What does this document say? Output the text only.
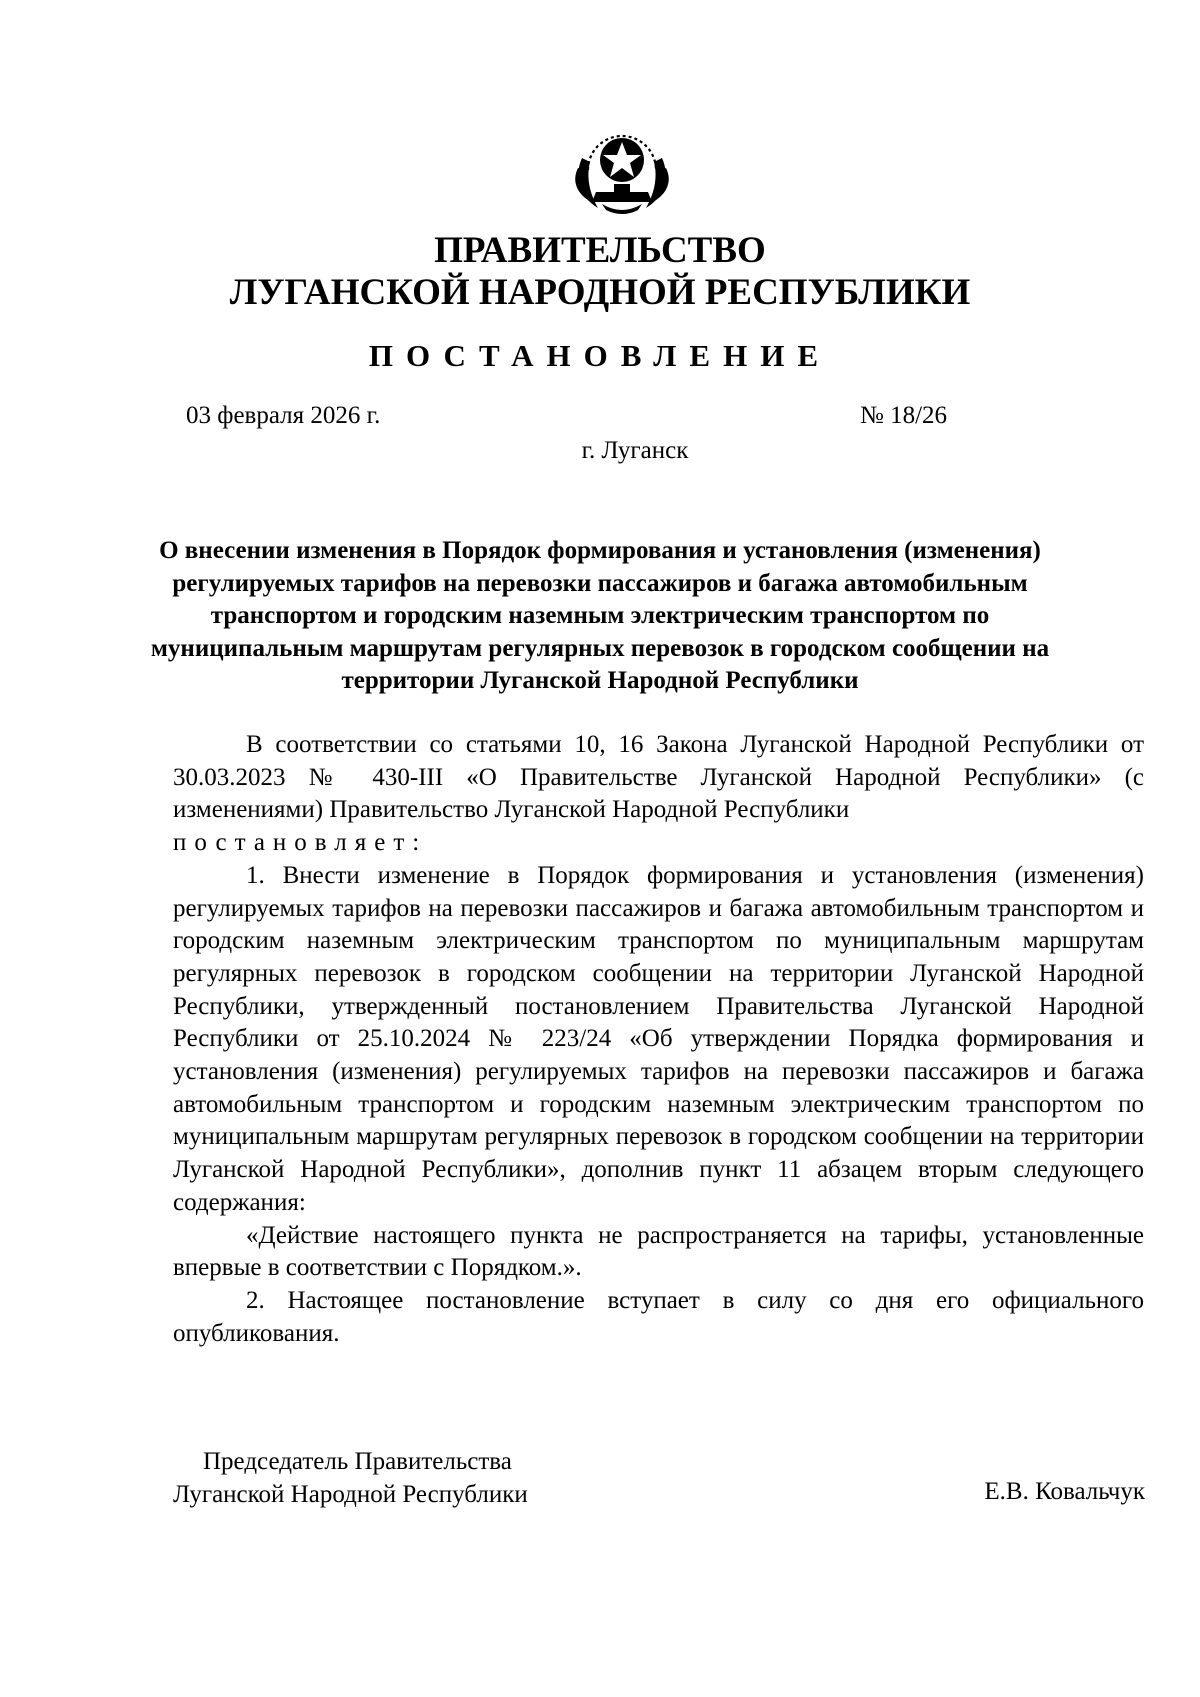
ПРАВИТЕЛЬСТВО
ЛУГАНСКОЙ НАРОДНОЙ РЕСПУБЛИКИ
ПОСТАНОВЛЕНИЕ
03 февраля 2026 г.	№ 18/26
г. Луганск

О внесении изменения в Порядок формирования и установления (изменения) регулируемых тарифов на перевозки пассажиров и багажа автомобильным транспортом и городским наземным электрическим транспортом по муниципальным маршрутам регулярных перевозок в городском сообщении на территории Луганской Народной Республики

В соответствии со статьями 10, 16 Закона Луганской Народной Республики от 30.03.2023 № 430-III «О Правительстве Луганской Народной Республики» (с изменениями) Правительство Луганской Народной Республики

постановляет:

1. Внести изменение в Порядок формирования и установления (изменения) регулируемых тарифов на перевозки пассажиров и багажа автомобильным транспортом и городским наземным электрическим транспортом по муниципальным маршрутам регулярных перевозок в городском сообщении на территории Луганской Народной Республики, утвержденный постановлением Правительства Луганской Народной Республики от 25.10.2024 № 223/24 «Об утверждении Порядка формирования и установления (изменения) регулируемых тарифов на перевозки пассажиров и багажа автомобильным транспортом и городским наземным электрическим транспортом по муниципальным маршрутам регулярных перевозок в городском сообщении на территории Луганской Народной Республики», дополнив пункт 11 абзацем вторым следующего содержания:

«Действие настоящего пункта не распространяется на тарифы, установленные впервые в соответствии с Порядком.».

2. Настоящее постановление вступает в силу со дня его официального опубликования.

Председатель Правительства
Луганской Народной Республики	Е.В. Ковальчук
